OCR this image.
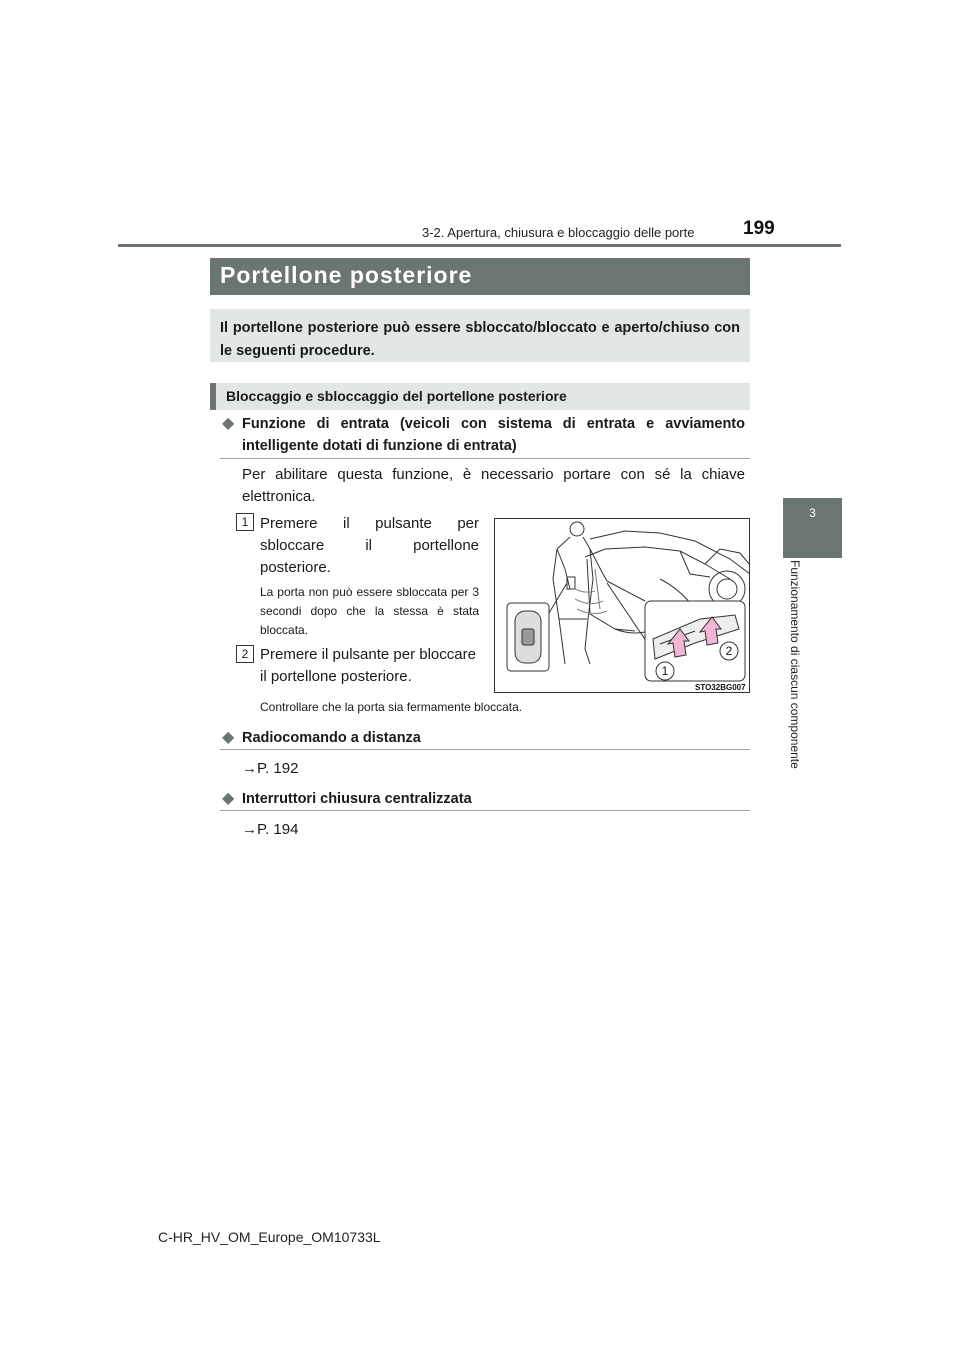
3-2. Apertura, chiusura e bloccaggio delle porte	199
3
Funzionamento di ciascun componente
Portellone posteriore
Il portellone posteriore può essere sbloccato/bloccato e aperto/chiuso con le seguenti procedure.
Bloccaggio e sbloccaggio del portellone posteriore
◆ Funzione di entrata (veicoli con sistema di entrata e avviamento intelligente dotati di funzione di entrata)
Per abilitare questa funzione, è necessario portare con sé la chiave elettronica.
1 Premere il pulsante per sbloccare il portellone posteriore.
La porta non può essere sbloccata per 3 secondi dopo che la stessa è stata bloccata.
2 Premere il pulsante per bloccare il portellone posteriore.
Controllare che la porta sia fermamente bloccata.
1
2
STO32BG007
◆ Radiocomando a distanza
→P. 192
◆ Interruttori chiusura centralizzata
→P. 194
C-HR_HV_OM_Europe_OM10733L
